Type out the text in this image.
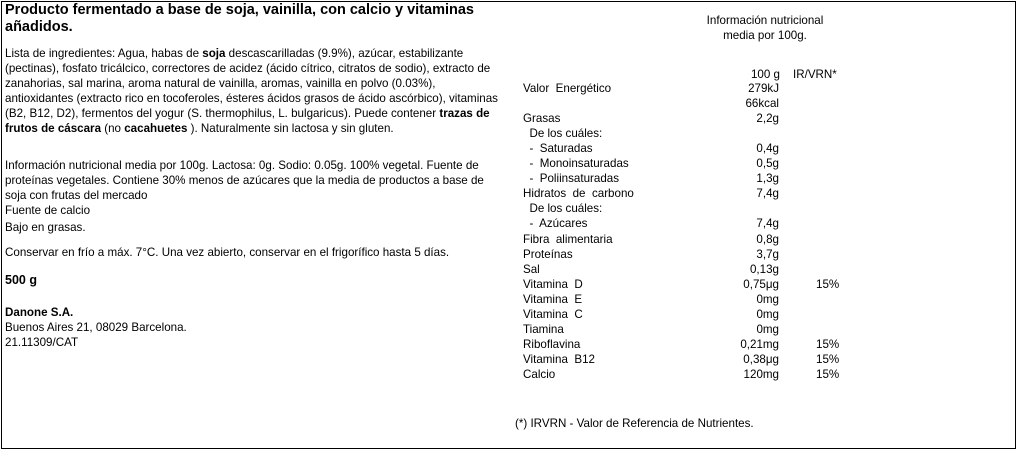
Producto fermentado a base de soja, vainilla, con calcio y vitaminas añadidos.
Lista de ingredientes: Agua, habas de soja descascarilladas (9.9%), azúcar, estabilizante (pectinas), fosfato tricálcico, correctores de acidez (ácido cítrico, citratos de sodio), extracto de zanahorias, sal marina, aroma natural de vainilla, aromas, vainilla en polvo (0.03%), antioxidantes (extracto rico en tocoferoles, ésteres ácidos grasos de ácido ascórbico), vitaminas (B2, B12, D2), fermentos del yogur (S. thermophilus, L. bulgaricus). Puede contener trazas de frutos de cáscara (no cacahuetes ). Naturalmente sin lactosa y sin gluten.
Información nutricional media por 100g. Lactosa: 0g. Sodio: 0.05g. 100% vegetal. Fuente de proteínas vegetales. Contiene 30% menos de azúcares que la media de productos a base de soja con frutas del mercado
Fuente de calcio
Bajo en grasas.
Conservar en frío a máx. 7°C. Una vez abierto, conservar en el frigorífico hasta 5 días.
500 g
Danone S.A.
Buenos Aires 21, 08029 Barcelona.
21.11309/CAT
Información nutricional
media por 100g.
100 g IR/VRN*
Valor  Energético	279kJ
66kcal
Grasas	2,2g
De los cuáles:
-  Saturadas	0,4g
-  Monoinsaturadas	0,5g
-  Poliinsaturadas	1,3g
Hidratos  de  carbono	7,4g
De los cuáles:
-  Azúcares	7,4g
Fibra  alimentaria	0,8g
Proteínas	3,7g
Sal	0,13g
Vitamina  D	0,75μg	15%
Vitamina  E	0mg
Vitamina  C	0mg
Tiamina	0mg
Riboflavina	0,21mg	15%
Vitamina  B12	0,38μg	15%
Calcio	120mg	15%
(*) IRVRN - Valor de Referencia de Nutrientes.
